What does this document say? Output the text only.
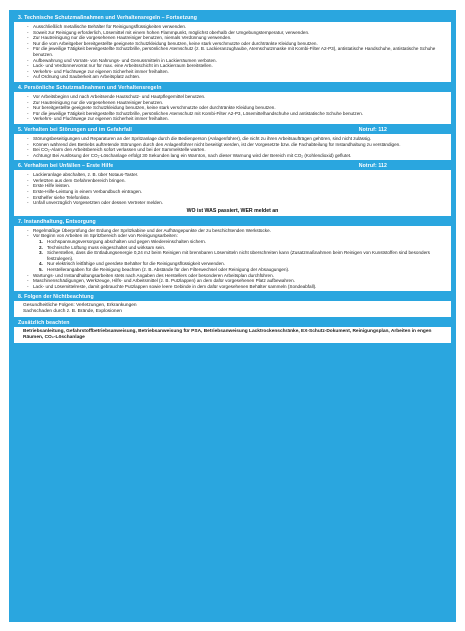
3. Technische Schutzmaßnahmen und Verhaltensregeln – Fortsetzung
- Ausschließlich metallische Behälter für Reinigungsflüssigkeiten verwenden.
- Soweit zur Reinigung erforderlich, Lösemittel mit einem hohen Flammpunkt, möglichst oberhalb der Umgebungstemperatur, verwenden.
- Zur Hautreinigung nur die vorgesehenen Hautreiniger benutzen, niemals Verdünnung verwenden.
- Nur die vom Arbeitgeber bereitgestellte geeignete Schutzkleidung benutzen, keine stark verschmutzte oder durchtränkte Kleidung benutzen.
- Für die jeweilige Tätigkeit bereitgestellte Schutzbrille, persönlichen Atemschutz (z. B. Lackieranzughaube, Atemschutzmaske mit Kombi-Filter A2-P3), antistatische Handschuhe, antistatische Schuhe benutzen.
- Aufbewahrung und Vorrats- von Nahrungs- und Genussmitteln in Lackierräumen verboten.
- Lack- und Verdünnervorrat nur für max. eine Arbeitsschicht im Lackierraum bereitstellen.
- Verkehrs- und Fluchtwege zur eigenen Sicherheit immer freihalten.
- Auf Ordnung und Sauberkeit am Arbeitsplatz achten.
4. Persönliche Schutzmaßnahmen und Verhaltensregeln
- Vor Arbeitsbeginn und nach Arbeitsende Hautschutz- und Hautpflegemittel benutzen.
- Zur Hautreinigung nur die vorgesehenen Hautreiniger benutzen.
- Nur bereitgestellte geeignete Schutzkleidung benutzen, keine stark verschmutzte oder durchtränkte Kleidung benutzen.
- Für die jeweilige Tätigkeit bereitgestellte Schutzbrille, persönlichen Atemschutz mit Kombi-Filter A2-P3, Lösemittelhandschuhe und antistatische Schuhe benutzen.
- Verkehrs- und Fluchtwege zur eigenen Sicherheit immer freihalten.
5. Verhalten bei Störungen und im Gefahrfall	Notruf: 112
- Störungsbeseitigungen und Reparaturen an der Spritzanlage durch die Bedienperson (Anlagenführer), die nicht zu ihren Arbeitsaufträgen gehören, sind nicht zulässig.
- Können während des Betriebs auftretende Störungen durch den Anlagenführer nicht beseitigt werden, ist der Vorgesetzte bzw. die Fachabteilung für Instandhaltung zu verständigen.
- Bei CO₂-Alarm den Arbeitsbereich sofort verlassen und bei der Sammelstelle warten.
- Achtung! Bei Auslösung der CO₂-Löschanlage erfolgt 30 Sekunden lang ein Warnton, nach dieser Warnung wird der Bereich mit CO₂ (Kohlendioxid) geflutet.
6. Verhalten bei Unfällen – Erste Hilfe	Notruf: 112
- Lackieranlage abschalten, z. B. über Notaus-Taster.
- Verletzten aus dem Gefahrenbereich bringen.
- Erste Hilfe leisten.
- Erste-Hilfe-Leistung in einem Verbandbuch eintragen.
- Ersthelfer siehe Telefonliste.
- Unfall unverzüglich Vorgesetzten oder dessen Vertreter melden.
WO ist WAS passiert, WER meldet an
7. Instandhaltung, Entsorgung
- Regelmäßige Überprüfung der Erdung der Spritzkabine und der Aufhängepunkte der zu beschichtenden Werkstücke.
- Vor Beginn von Arbeiten im Spritzbereich oder von Reinigungsarbeiten:
1. Hochspannungsversorgung abschalten und gegen Wiedereinschalten sichern.
2. Technische Lüftung muss eingeschaltet und wirksam sein.
3. Sicherstellen, dass die Entladungsenergie 0,24 mJ beim Reinigen mit brennbaren Lösemitteln nicht überschreiten kann (Zusatzmaßnahmen beim Reinigen von Kunststoffen sind besonders festzulegen).
4. Nur elektrisch leitfähige und geerdete Behälter für die Reinigungsflüssigkeit verwenden.
5. Herstellerangaben für die Reinigung beachten (z. B. Abstände für den Filterwechsel oder Reinigung der Absaugungen).
- Wartungs- und Instandhaltungsarbeiten stets nach Angaben des Herstellers oder besonderen Arbeitsplan durchführen.
- Maschinenschädigungen, Werkzeuge, Hilfs- und Arbeitsmittel (z. B. Putzlappen) an dem dafür vorgesehenen Platz aufbewahren.
- Lack- und Lösemittelreste, damit gebrauchte Putzlappen sowie leere Gebinde in dem dafür vorgesehenen Behälter sammeln (Sondeabfall).
8. Folgen der Nichtbeachtung
Gesundheitliche Folgen: Verletzungen, Erkrankungen
Sachschaden durch z. B. Brände, Explosionen
Zusätzlich beachten
Betriebsanleitung, Gefahrstoffbetriebsanweisung, Betriebsanweisung für PSA, Betriebsanweisung Lacktrockenschränke, EX-Schutz-Dokument, Reinigungsplan, Arbeiten in engen Räumen, CO₂-Löschanlage
